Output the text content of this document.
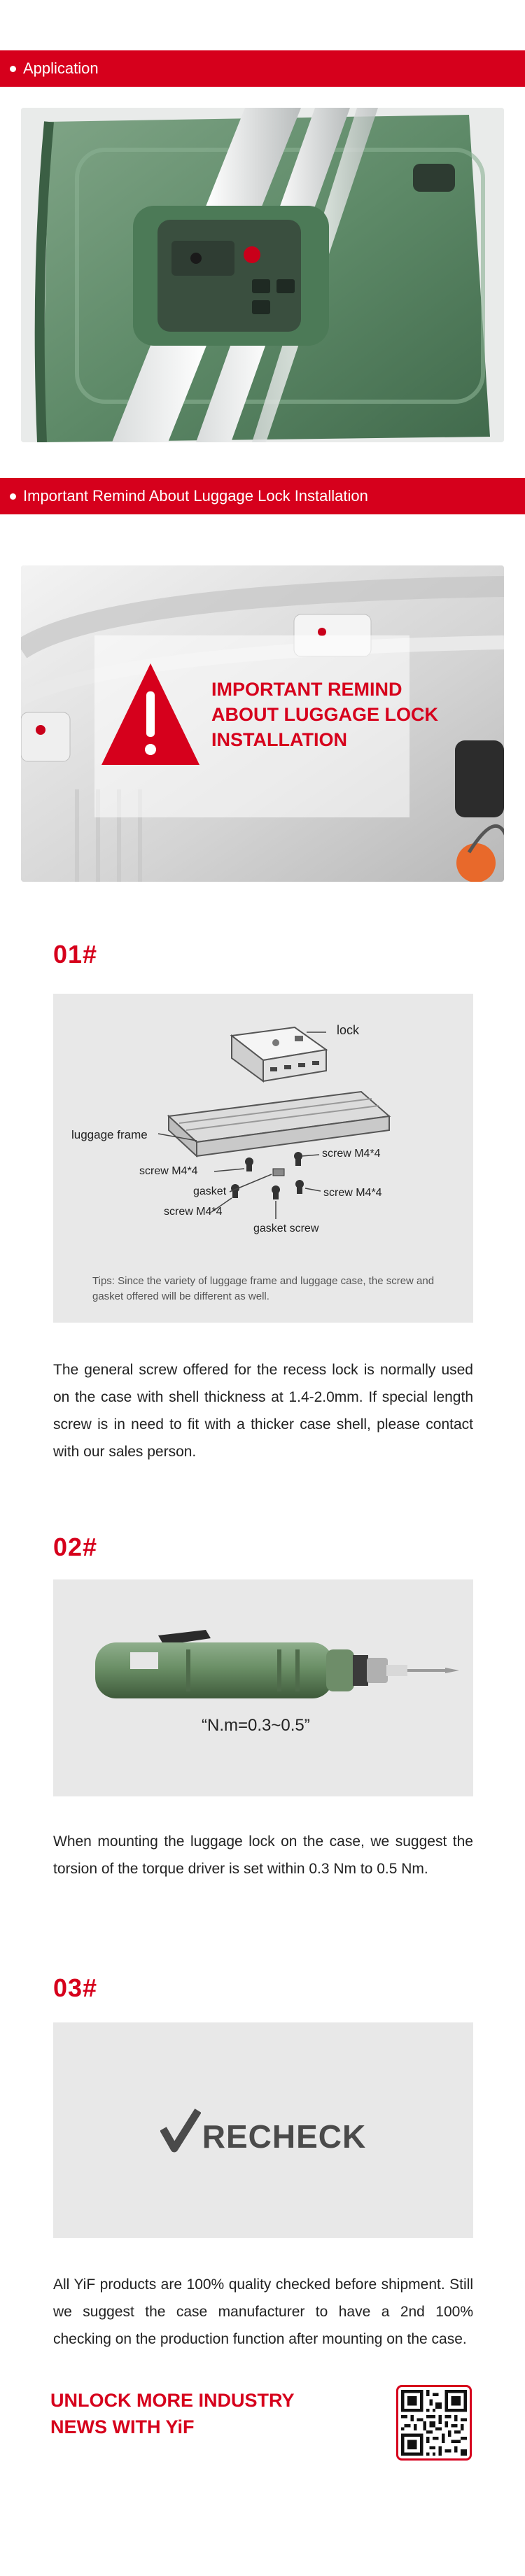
Application
Important Remind About Luggage Lock Installation
IMPORTANT REMIND
ABOUT LUGGAGE LOCK
INSTALLATION
01#
lock
luggage frame
screw M4*4
screw M4*4
gasket	screw M4*4
screw M4*4
gasket screw
Tips: Since the variety of luggage frame and luggage case, the screw and gasket offered will be different as well.
The general screw offered for the recess lock is normally used on the case with shell thickness at 1.4-2.0mm. If special length screw is in need to fit with a thicker case shell, please contact with our sales person.
02#
“N.m=0.3~0.5”
When mounting the luggage lock on the case, we suggest the torsion of the torque driver is set within 0.3 Nm to 0.5 Nm.
03#
RECHECK
All YiF products are 100% quality checked before shipment. Still we suggest the case manufacturer to have a 2nd 100% checking on the production function after mounting on the case.
UNLOCK MORE INDUSTRY
NEWS WITH YiF
